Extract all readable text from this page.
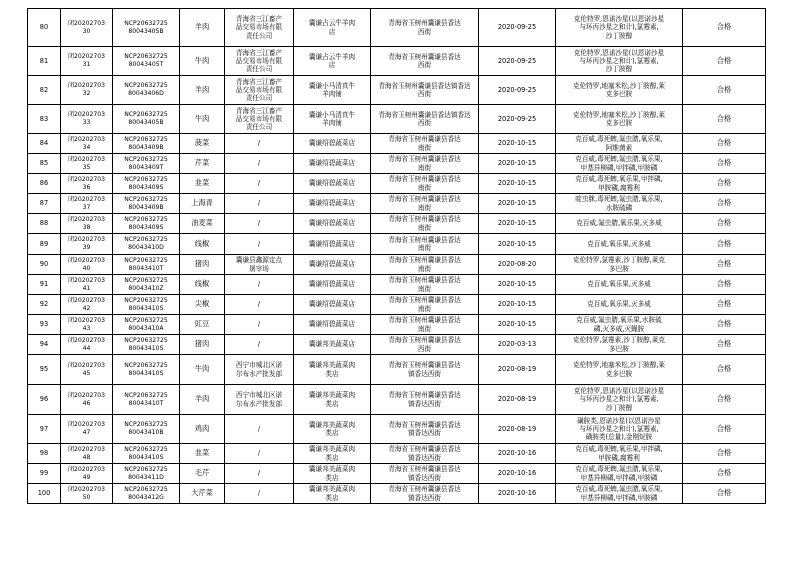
80	闭20202703
30	NCP20632725
80043405B	羊肉	青海省三江畜产
品交易市场有限
责任公司	囊谦占云牛羊肉
店	青海省玉树州囊谦县香达
西街	2020-09-25	克伦特罗,恩诺沙星(以恩诺沙星
与环丙沙星之和计),氯霉素,
沙丁胺醇	合格
81	闭20202703
31	NCP20632725
80043405T	牛肉	青海省三江畜产
品交易市场有限
责任公司	囊谦占云牛羊肉
店	青海省玉树州囊谦县香达
西街	2020-09-25	克伦特罗,恩诺沙星(以恩诺沙星
与环丙沙星之和计),氯霉素,
沙丁胺醇	合格
82	闭20202703
32	NCP20632725
80043406D	羊肉	青海省三江畜产
品交易市场有限
责任公司	囊谦小马清真牛
羊肉铺	青海省玉树州囊谦县香达镇香达
西街	2020-09-25	克伦特罗,地塞米松,沙丁胺醇,莱
克多巴胺	合格
83	闭20202703
33	NCP20632725
80043405B	牛肉	青海省三江畜产
品交易市场有限
责任公司	囊谦小马清真牛
羊肉铺	青海省玉树州囊谦县香达镇香达
西街	2020-09-25	克伦特罗,地塞米松,沙丁胺醇,莱
克多巴胺	合格
84	闭20202703
34	NCP20632725
80043409B	菠菜	/	囊谦绍碧蔬菜店	青海省玉树州囊谦县香达
南街	2020-10-15	克百威,毒死蜱,氟虫腈,氧乐果,
阿维菌素	合格
85	闭20202703
35	NCP20632725
80043409T	芹菜	/	囊谦绍碧蔬菜店	青海省玉树州囊谦县香达
南街	2020-10-15	克百威,毒死蜱,氟虫腈,氧乐果,
甲基异柳磷,甲拌磷,甲胺磷	合格
86	闭20202703
36	NCP20632725
80043409S	韭菜	/	囊谦绍碧蔬菜店	青海省玉树州囊谦县香达
南街	2020-10-15	克百威,毒死蜱,氧乐果,甲拌磷,
甲胺磷,腐霉利	合格
87	闭20202703
37	NCP20632725
80043409B	上海青	/	囊谦绍碧蔬菜店	青海省玉树州囊谦县香达
南街	2020-10-15	啶虫脒,毒死蜱,氟虫腈,氧乐果,
水胺硫磷	合格
88	闭20202703
38	NCP20632725
80043409S	油麦菜	/	囊谦绍碧蔬菜店	青海省玉树州囊谦县香达
南街	2020-10-15	克百威,氟虫腈,氧乐果,灭多威	合格
89	闭20202703
39	NCP20632725
80043410D	线椒	/	囊谦绍碧蔬菜店	青海省玉树州囊谦县香达
南街	2020-10-15	克百威,氧乐果,灭多威	合格
90	闭20202703
40	NCP20632725
80043410T	猪肉	囊谦县鑫源定点
屠宰场	囊谦绍碧蔬菜店	青海省玉树州囊谦县香达
南街	2020-08-20	克伦特罗,氯霉素,沙丁胺醇,莱克
多巴胺	合格
91	闭20202703
41	NCP20632725
80043410Z	线椒	/	囊谦绍碧蔬菜店	青海省玉树州囊谦县香达
南街	2020-10-15	克百威,氧乐果,灭多威	合格
92	闭20202703
42	NCP20632725
80043410S	尖椒	/	囊谦绍碧蔬菜店	青海省玉树州囊谦县香达
南街	2020-10-15	克百威,氧乐果,灭多威	合格
93	闭20202703
43	NCP20632725
80043410A	豇豆	/	囊谦绍碧蔬菜店	青海省玉树州囊谦县香达
南街	2020-10-15	克百威,氟虫腈,氧乐果,水胺硫
磷,灭多威,灭蝇胺	合格
94	闭20202703
44	NCP20632725
80043410S	猪肉	/	囊谦邦美蔬菜店	青海省玉树州囊谦县香达
西街	2020-03-13	克伦特罗,氯霉素,沙丁胺醇,莱克
多巴胺	合格
95	闭20202703
45	NCP20632725
80043410S	牛肉	西宁市城北区诺
尔布水产批发部	囊谦邦美蔬菜肉
类店	青海省玉树州囊谦县香达
镇香达西街	2020-08-19	克伦特罗,地塞米松,沙丁胺醇,莱
克多巴胺	合格
96	闭20202703
46	NCP20632725
80043410T	羊肉	西宁市城北区诺
尔布水产批发部	囊谦邦美蔬菜肉
类店	青海省玉树州囊谦县香达
镇香达西街	2020-08-19	克伦特罗,恩诺沙星(以恩诺沙星
与环丙沙星之和计),氯霉素,
沙丁胺醇	合格
97	闭20202703
47	NCP20632725
80043410B	鸡肉	/	囊谦邦美蔬菜肉
类店	青海省玉树州囊谦县香达
镇香达西街	2020-08-19	磺胺类,恩诺沙星(以恩诺沙星
与环丙沙星之和计),氯霉素,
磺胺类(总量),金刚烷胺	合格
98	闭20202703
48	NCP20632725
80043410S	韭菜	/	囊谦邦美蔬菜肉
类店	青海省玉树州囊谦县香达
镇香达西街	2020-10-16	克百威,毒死蜱,氧乐果,甲拌磷,
甲胺磷,腐霉利	合格
99	闭20202703
49	NCP20632725
80043411D	毛芹	/	囊谦邦美蔬菜肉
类店	青海省玉树州囊谦县香达
镇香达西街	2020-10-16	克百威,毒死蜱,氟虫腈,氧乐果,
甲基异柳磷,甲拌磷,甲胺磷	合格
100	闭20202703
50	NCP20632725
80043412G	大芹菜	/	囊谦邦美蔬菜肉
类店	青海省玉树州囊谦县香达
镇香达西街	2020-10-16	克百威,毒死蜱,氟虫腈,氧乐果,
甲基异柳磷,甲拌磷,甲胺磷	合格
